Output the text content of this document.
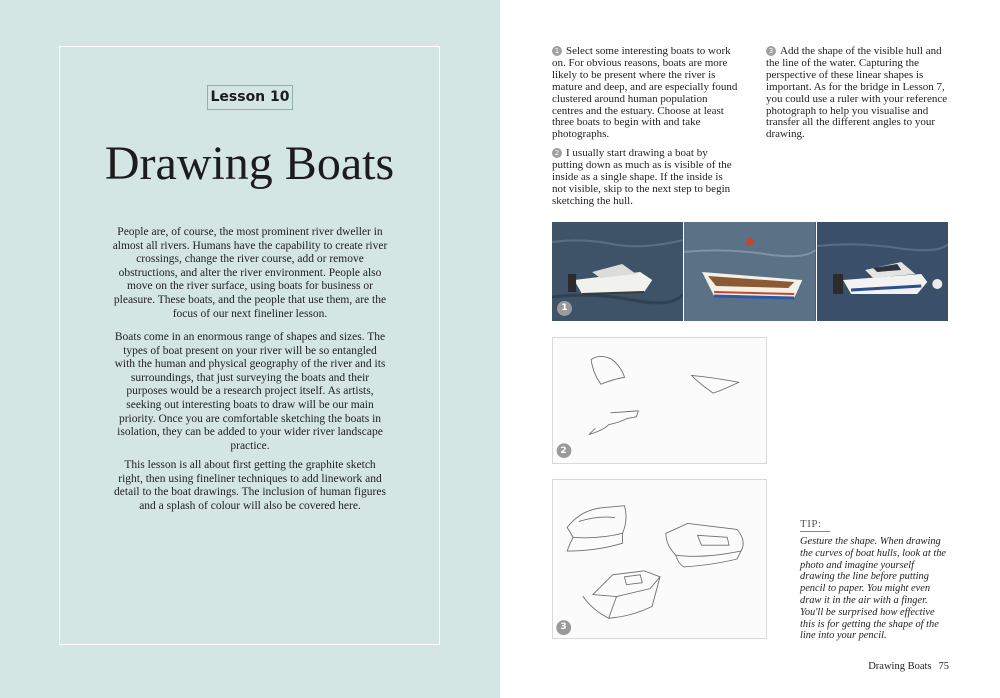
Lesson 10
Drawing Boats

People are, of course, the most prominent river dweller in almost all rivers. Humans have the capability to create river crossings, change the river course, add or remove obstructions, and alter the river environment. People also move on the river surface, using boats for business or pleasure. These boats, and the people that use them, are the focus of our next fineliner lesson.

Boats come in an enormous range of shapes and sizes. The types of boat present on your river will be so entangled with the human and physical geography of the river and its surroundings, that just surveying the boats and their purposes would be a research project itself. As artists, seeking out interesting boats to draw will be our main priority. Once you are comfortable sketching the boats in isolation, they can be added to your wider river landscape practice.

This lesson is all about first getting the graphite sketch right, then using fineliner techniques to add linework and detail to the boat drawings. The inclusion of human figures and a splash of colour will also be covered here.

1 Select some interesting boats to work on. For obvious reasons, boats are more likely to be present where the river is mature and deep, and are especially found clustered around human population centres and the estuary. Choose at least three boats to begin with and take photographs.

2 I usually start drawing a boat by putting down as much as is visible of the inside as a single shape. If the inside is not visible, skip to the next step to begin sketching the hull.

3 Add the shape of the visible hull and the line of the water. Capturing the perspective of these linear shapes is important. As for the bridge in Lesson 7, you could use a ruler with your reference photograph to help you visualise and transfer all the different angles to your drawing.

1
2
3
TIP:

Gesture the shape. When drawing the curves of boat hulls, look at the photo and imagine yourself drawing the line before putting pencil to paper. You might even draw it in the air with a finger. You'll be surprised how effective this is for getting the shape of the line into your pencil.

Drawing Boats 75
